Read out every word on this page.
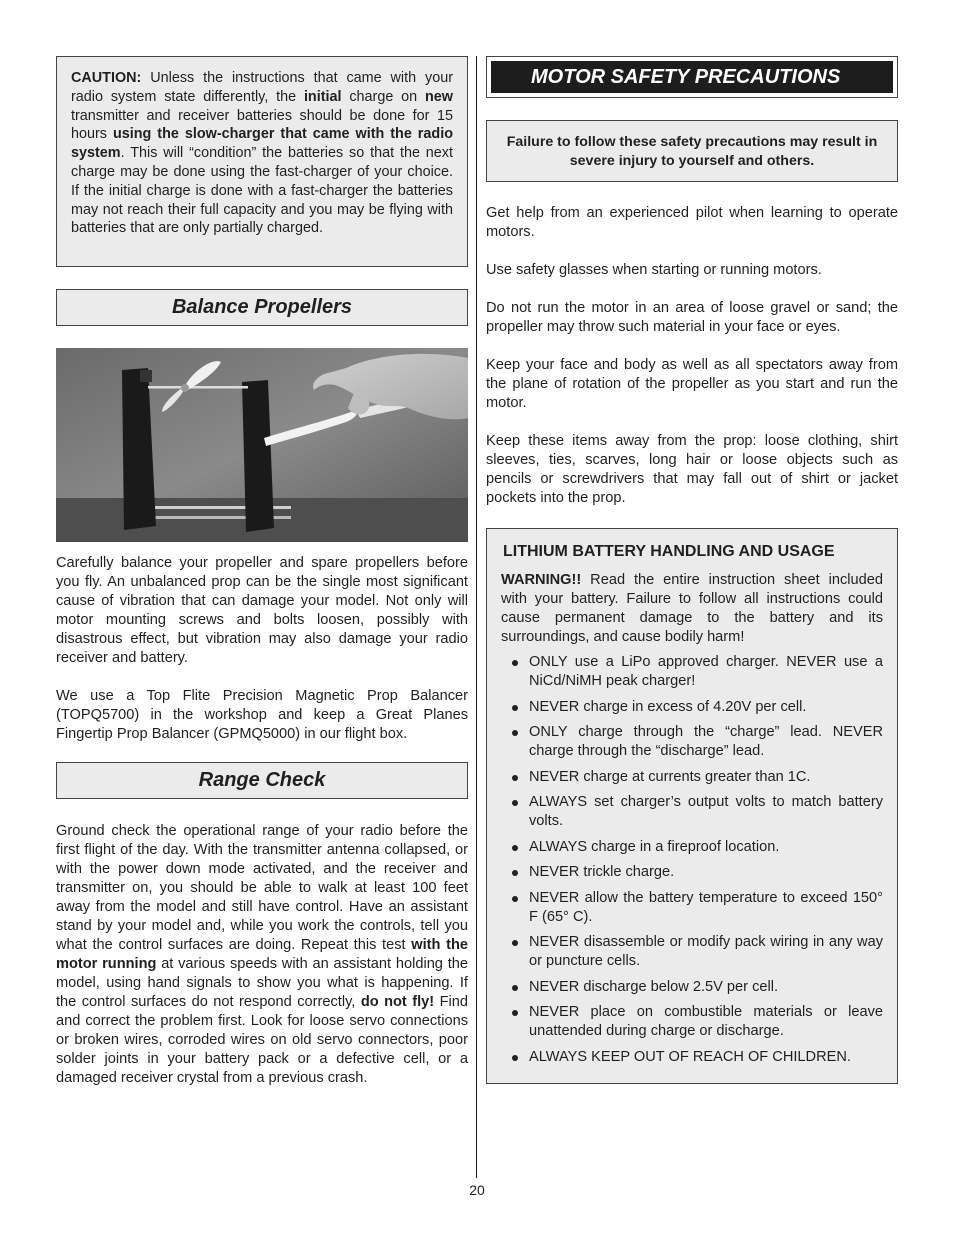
CAUTION: Unless the instructions that came with your radio system state differently, the initial charge on new transmitter and receiver batteries should be done for 15 hours using the slow-charger that came with the radio system. This will “condition” the batteries so that the next charge may be done using the fast-charger of your choice. If the initial charge is done with a fast-charger the batteries may not reach their full capacity and you may be flying with batteries that are only partially charged.
Balance Propellers

Carefully balance your propeller and spare propellers before you fly. An unbalanced prop can be the single most significant cause of vibration that can damage your model. Not only will motor mounting screws and bolts loosen, possibly with disastrous effect, but vibration may also damage your radio receiver and battery.

We use a Top Flite Precision Magnetic Prop Balancer (TOPQ5700) in the workshop and keep a Great Planes Fingertip Prop Balancer (GPMQ5000) in our flight box.

Range Check

Ground check the operational range of your radio before the first flight of the day. With the transmitter antenna collapsed, or with the power down mode activated, and the receiver and transmitter on, you should be able to walk at least 100 feet away from the model and still have control. Have an assistant stand by your model and, while you work the controls, tell you what the control surfaces are doing. Repeat this test with the motor running at various speeds with an assistant holding the model, using hand signals to show you what is happening. If the control surfaces do not respond correctly, do not fly! Find and correct the problem first. Look for loose servo connections or broken wires, corroded wires on old servo connectors, poor solder joints in your battery pack or a defective cell, or a damaged receiver crystal from a previous crash.

MOTOR SAFETY PRECAUTIONS
Failure to follow these safety precautions may result in severe injury to yourself and others.

Get help from an experienced pilot when learning to operate motors.

Use safety glasses when starting or running motors.

Do not run the motor in an area of loose gravel or sand; the propeller may throw such material in your face or eyes.

Keep your face and body as well as all spectators away from the plane of rotation of the propeller as you start and run the motor.

Keep these items away from the prop: loose clothing, shirt sleeves, ties, scarves, long hair or loose objects such as pencils or screwdrivers that may fall out of shirt or jacket pockets into the prop.

LITHIUM BATTERY HANDLING AND USAGE

WARNING!! Read the entire instruction sheet included with your battery. Failure to follow all instructions could cause permanent damage to the battery and its surroundings, and cause bodily harm!

ONLY use a LiPo approved charger. NEVER use a NiCd/NiMH peak charger!
NEVER charge in excess of 4.20V per cell.
ONLY charge through the “charge” lead. NEVER charge through the “discharge” lead.
NEVER charge at currents greater than 1C.
ALWAYS set charger’s output volts to match battery volts.
ALWAYS charge in a fireproof location.
NEVER trickle charge.
NEVER allow the battery temperature to exceed 150° F (65° C).
NEVER disassemble or modify pack wiring in any way or puncture cells.
NEVER discharge below 2.5V per cell.
NEVER place on combustible materials or leave unattended during charge or discharge.
ALWAYS KEEP OUT OF REACH OF CHILDREN.
20
